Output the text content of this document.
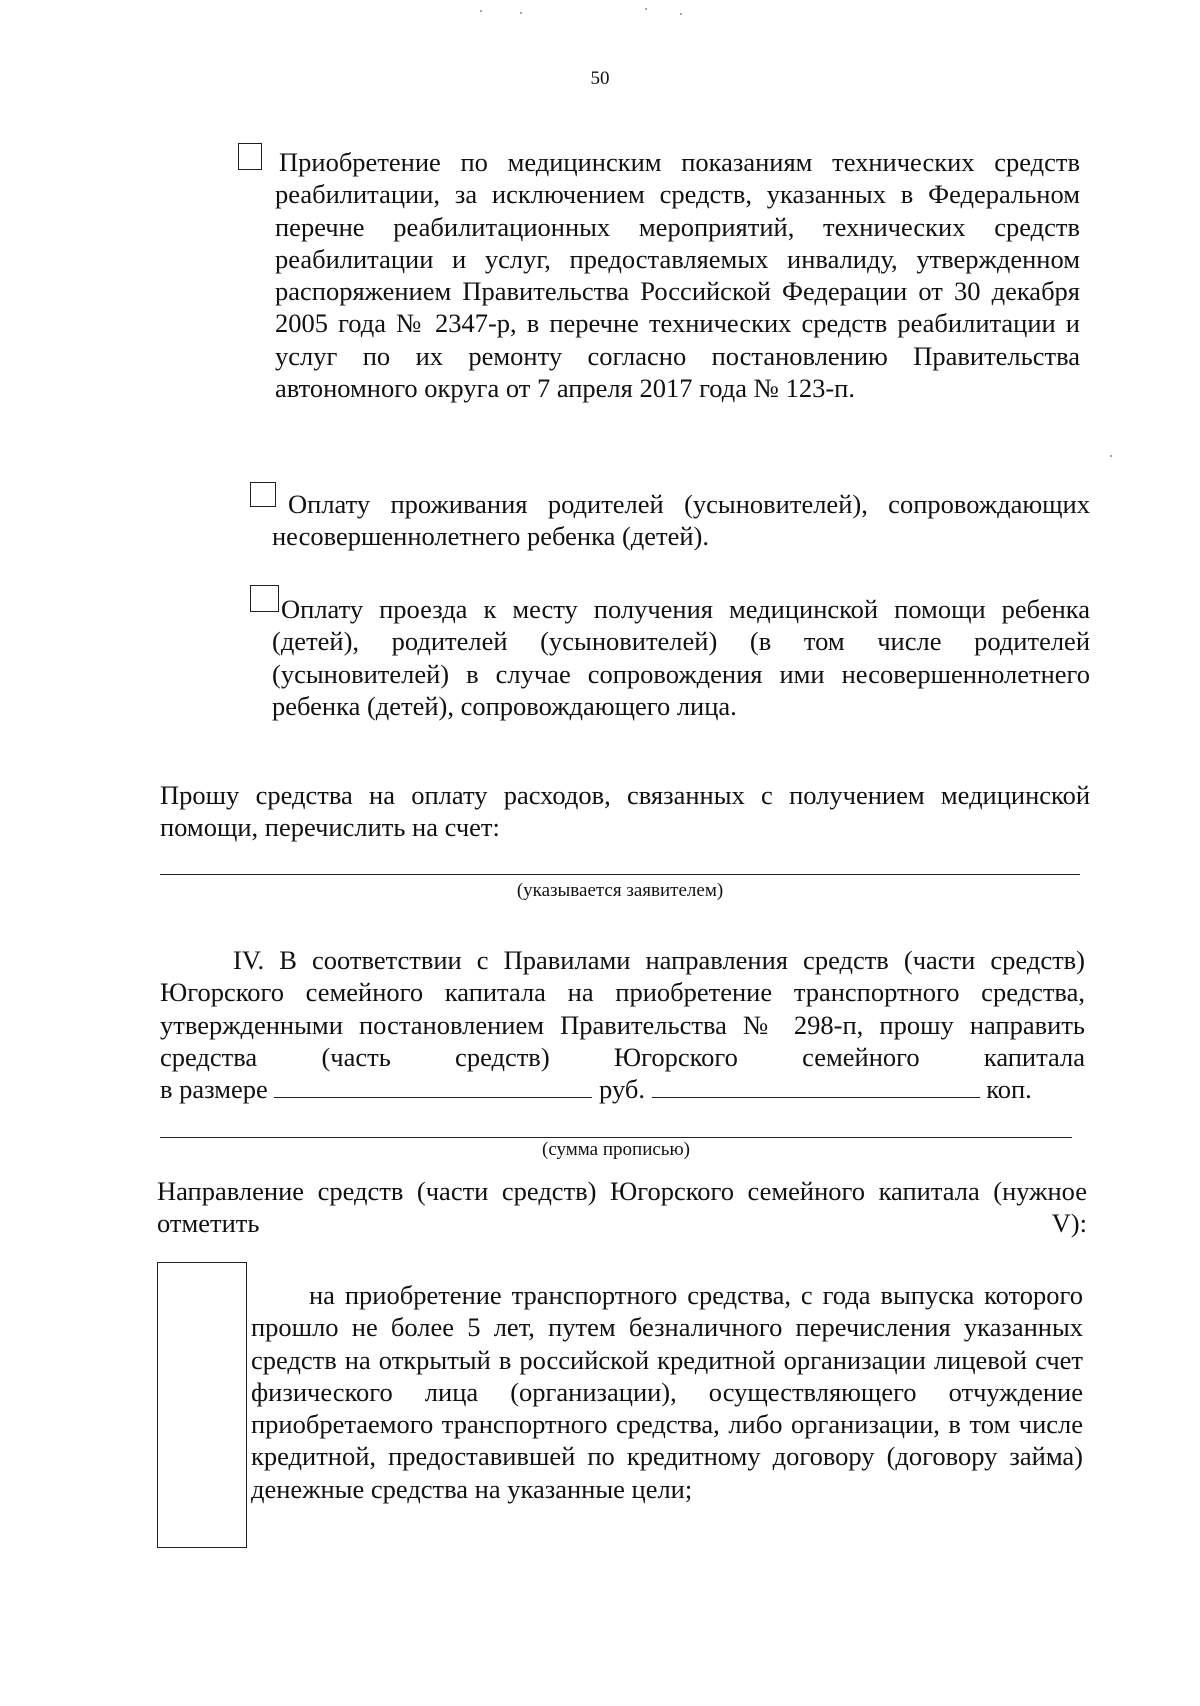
50
Приобретение по медицинским показаниям технических средств реабилитации, за исключением средств, указанных в Федеральном перечне реабилитационных мероприятий, технических средств реабилитации и услуг, предоставляемых инвалиду, утвержденном распоряжением Правительства Российской Федерации от 30 декабря 2005 года № 2347-р, в перечне технических средств реабилитации и услуг по их ремонту согласно постановлению Правительства автономного округа от 7 апреля 2017 года № 123-п.
Оплату проживания родителей (усыновителей), сопровождающих несовершеннолетнего ребенка (детей).
Оплату проезда к месту получения медицинской помощи ребенка (детей), родителей (усыновителей) (в том числе родителей (усыновителей) в случае сопровождения ими несовершеннолетнего ребенка (детей), сопровождающего лица.
Прошу средства на оплату расходов, связанных с получением медицинской помощи, перечислить на счет:
(указывается заявителем)
IV. В соответствии с Правилами направления средств (части средств) Югорского семейного капитала на приобретение транспортного средства, утвержденными постановлением Правительства № 298-п, прошу направить средства (часть средств) Югорского семейного капитала
в размере	руб.	коп.
(сумма прописью)
Направление средств (части средств) Югорского семейного капитала (нужное отметить V):
на приобретение транспортного средства, с года выпуска которого прошло не более 5 лет, путем безналичного перечисления указанных средств на открытый в российской кредитной организации лицевой счет физического лица (организации), осуществляющего отчуждение приобретаемого транспортного средства, либо организации, в том числе кредитной, предоставившей по кредитному договору (договору займа) денежные средства на указанные цели;
